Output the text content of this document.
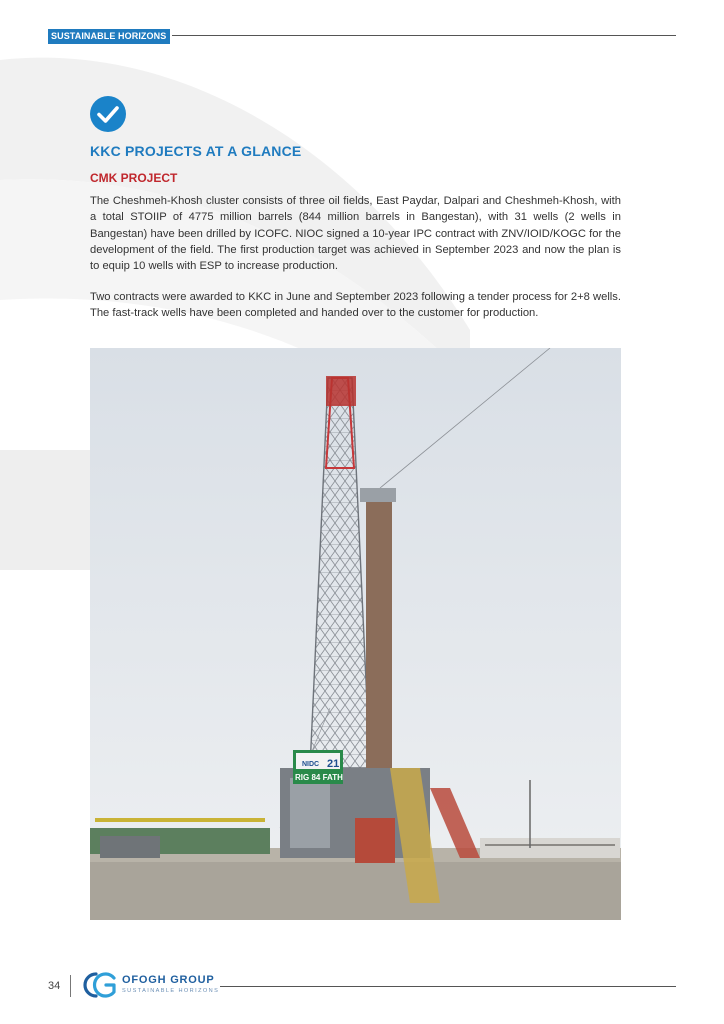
SUSTAINABLE HORIZONS
KKC PROJECTS AT A GLANCE
CMK PROJECT

The Cheshmeh-Khosh cluster consists of three oil fields, East Paydar, Dalpari and Cheshmeh-Khosh, with a total STOIIP of 4775 million barrels (844 million barrels in Bangestan), with 31 wells (2 wells in Bangestan) have been drilled by ICOFC. NIOC signed a 10-year IPC contract with ZNV/IOID/KOGC for the development of the field. The first production target was achieved in September 2023 and now the plan is to equip 10 wells with ESP to increase production.

Two contracts were awarded to KKC in June and September 2023 following a tender process for 2+8 wells. The fast-track wells have been completed and handed over to the customer for production.

NIDC 21
RIG 84 FATH
34	OFOGH GROUP
SUSTAINABLE HORIZONS
